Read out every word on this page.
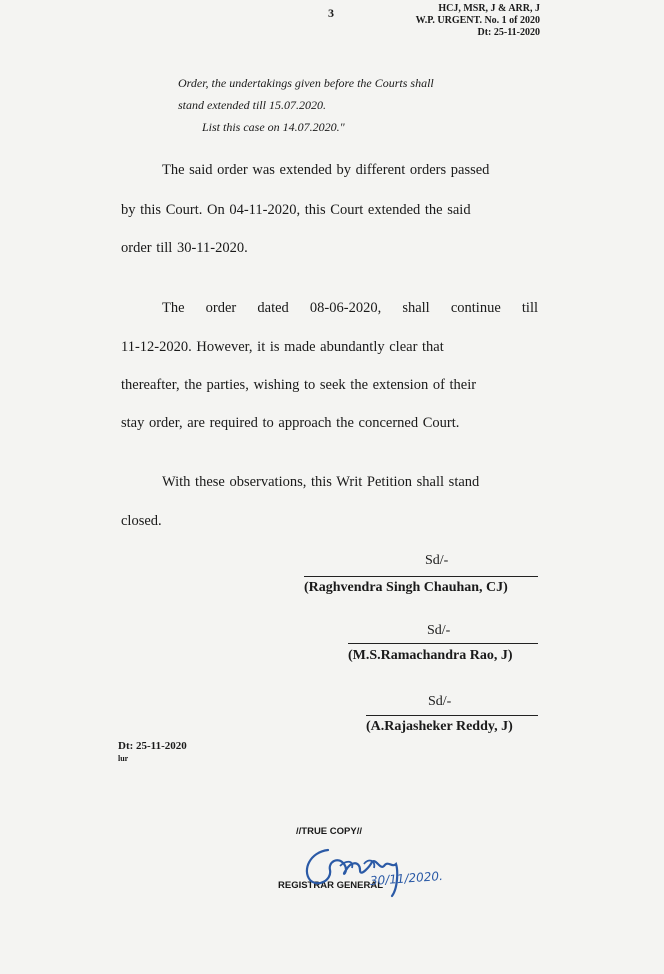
3	HCJ, MSR, J & ARR, J
W.P. URGENT. No. 1 of 2020
Dt: 25-11-2020
Order, the undertakings given before the Courts shall
stand extended till 15.07.2020.
List this case on 14.07.2020."
The said order was extended by different orders passed
by this Court. On 04-11-2020, this Court extended the said
order till 30-11-2020.
The order dated 08-06-2020, shall continue till
11-12-2020. However, it is made abundantly clear that
thereafter, the parties, wishing to seek the extension of their
stay order, are required to approach the concerned Court.
With these observations, this Writ Petition shall stand
closed.
Sd/-
(Raghvendra Singh Chauhan, CJ)
Sd/-
(M.S.Ramachandra Rao, J)
Sd/-
(A.Rajasheker Reddy, J)
Dt: 25-11-2020
lur
//TRUE COPY//
REGISTRAR GENERAL
30/11/2020.
